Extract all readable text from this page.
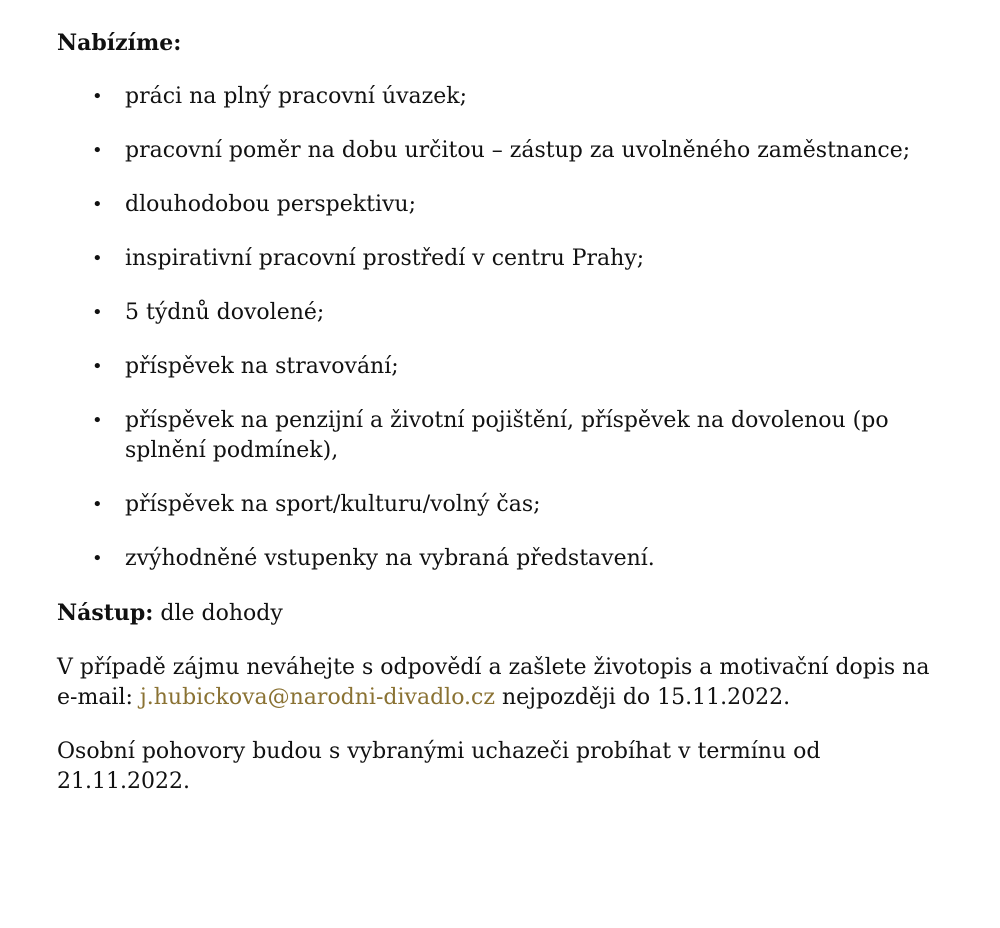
Nabízíme:
• práci na plný pracovní úvazek;
• pracovní poměr na dobu určitou – zástup za uvolněného zaměstnance;
• dlouhodobou perspektivu;
• inspirativní pracovní prostředí v centru Prahy;
• 5 týdnů dovolené;
• příspěvek na stravování;
• příspěvek na penzijní a životní pojištění, příspěvek na dovolenou (po splnění podmínek),
• příspěvek na sport/kulturu/volný čas;
• zvýhodněné vstupenky na vybraná představení.

Nástup: dle dohody

V případě zájmu neváhejte s odpovědí a zašlete životopis a motivační dopis na e-mail: j.hubickova@narodni-divadlo.cz nejpozději do 15.11.2022.

Osobní pohovory budou s vybranými uchazeči probíhat v termínu od 21.11.2022.
